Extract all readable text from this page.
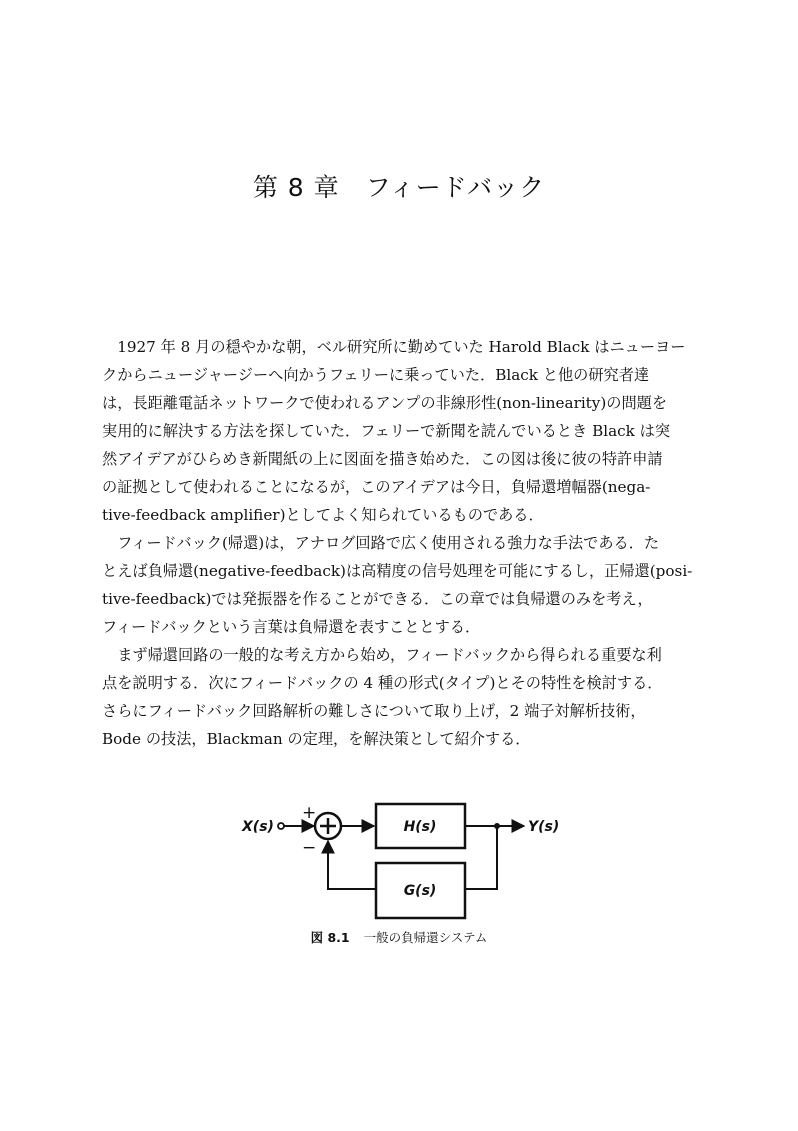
第 8 章　フィードバック
1927 年 8 月の穏やかな朝，ベル研究所に勤めていた Harold Black はニューヨー
クからニュージャージーへ向かうフェリーに乗っていた．Black と他の研究者達
は，長距離電話ネットワークで使われるアンプの非線形性(non-linearity)の問題を
実用的に解決する方法を探していた．フェリーで新聞を読んでいるとき Black は突
然アイデアがひらめき新聞紙の上に図面を描き始めた．この図は後に彼の特許申請
の証拠として使われることになるが，このアイデアは今日，負帰還増幅器(nega-
tive-feedback amplifier)としてよく知られているものである．
フィードバック(帰還)は，アナログ回路で広く使用される強力な手法である．た
とえば負帰還(negative-feedback)は高精度の信号処理を可能にするし，正帰還(posi-
tive-feedback)では発振器を作ることができる．この章では負帰還のみを考え，
フィードバックという言葉は負帰還を表すこととする．
まず帰還回路の一般的な考え方から始め，フィードバックから得られる重要な利
点を説明する．次にフィードバックの 4 種の形式(タイプ)とその特性を検討する．
さらにフィードバック回路解析の難しさについて取り上げ，2 端子対解析技術，
Bode の技法，Blackman の定理，を解決策として紹介する．
X(s)
+
−
H(s)	Y(s)
G(s)
図 8.1 一般の負帰還システム
